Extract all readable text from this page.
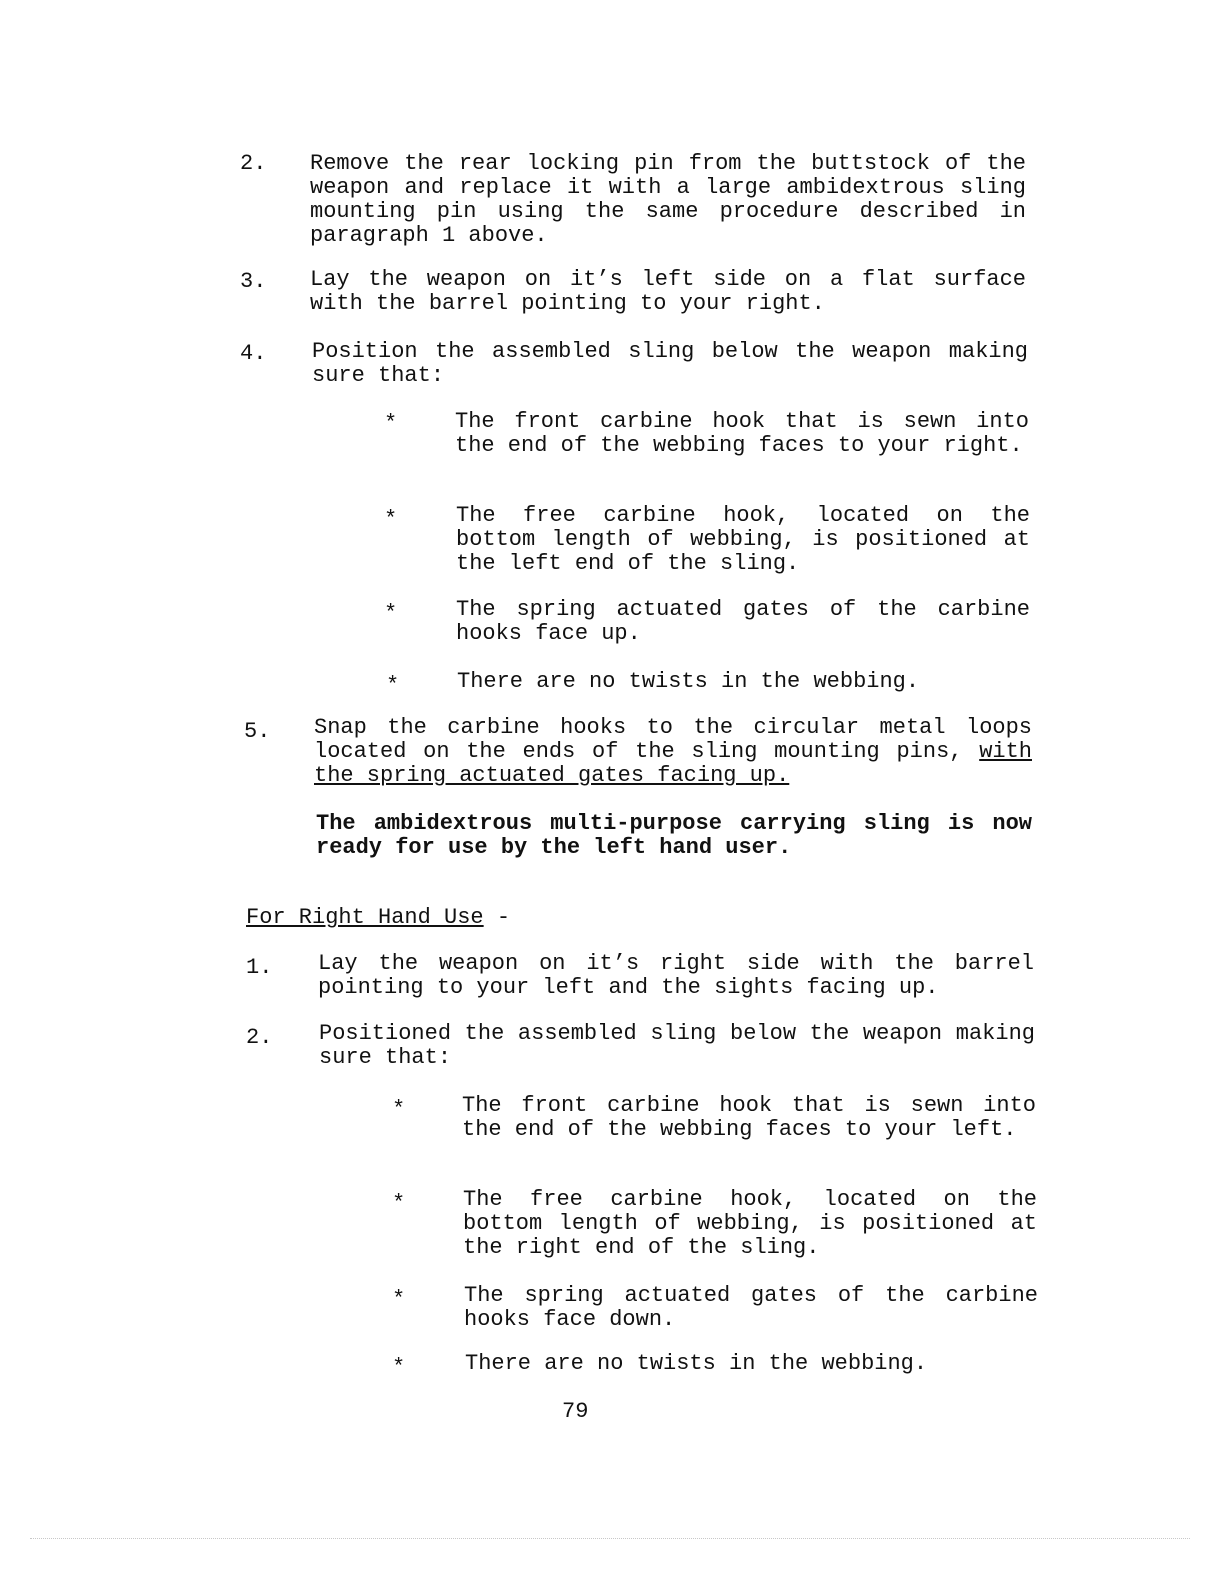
2. Remove the rear locking pin from the buttstock of the weapon and replace it with a large ambidextrous sling mounting pin using the same procedure described in paragraph 1 above.
3. Lay the weapon on it’s left side on a flat surface with the barrel pointing to your right.
4. Position the assembled sling below the weapon making sure that:
*	The front carbine hook that is sewn into the end of the webbing faces to your right.
*	The free carbine hook, located on the bottom length of webbing, is positioned at the left end of the sling.
*	The spring actuated gates of the carbine hooks face up.
*	There are no twists in the webbing.
5. Snap the carbine hooks to the circular metal loops located on the ends of the sling mounting pins, with the spring actuated gates facing up.
The ambidextrous multi-purpose carrying sling is now ready for use by the left hand user.
For Right Hand Use -
1. Lay the weapon on it’s right side with the barrel pointing to your left and the sights facing up.
2. Positioned the assembled sling below the weapon making sure that:
*	The front carbine hook that is sewn into the end of the webbing faces to your left.
*	The free carbine hook, located on the bottom length of webbing, is positioned at the right end of the sling.
*	The spring actuated gates of the carbine hooks face down.
*	There are no twists in the webbing.
79
